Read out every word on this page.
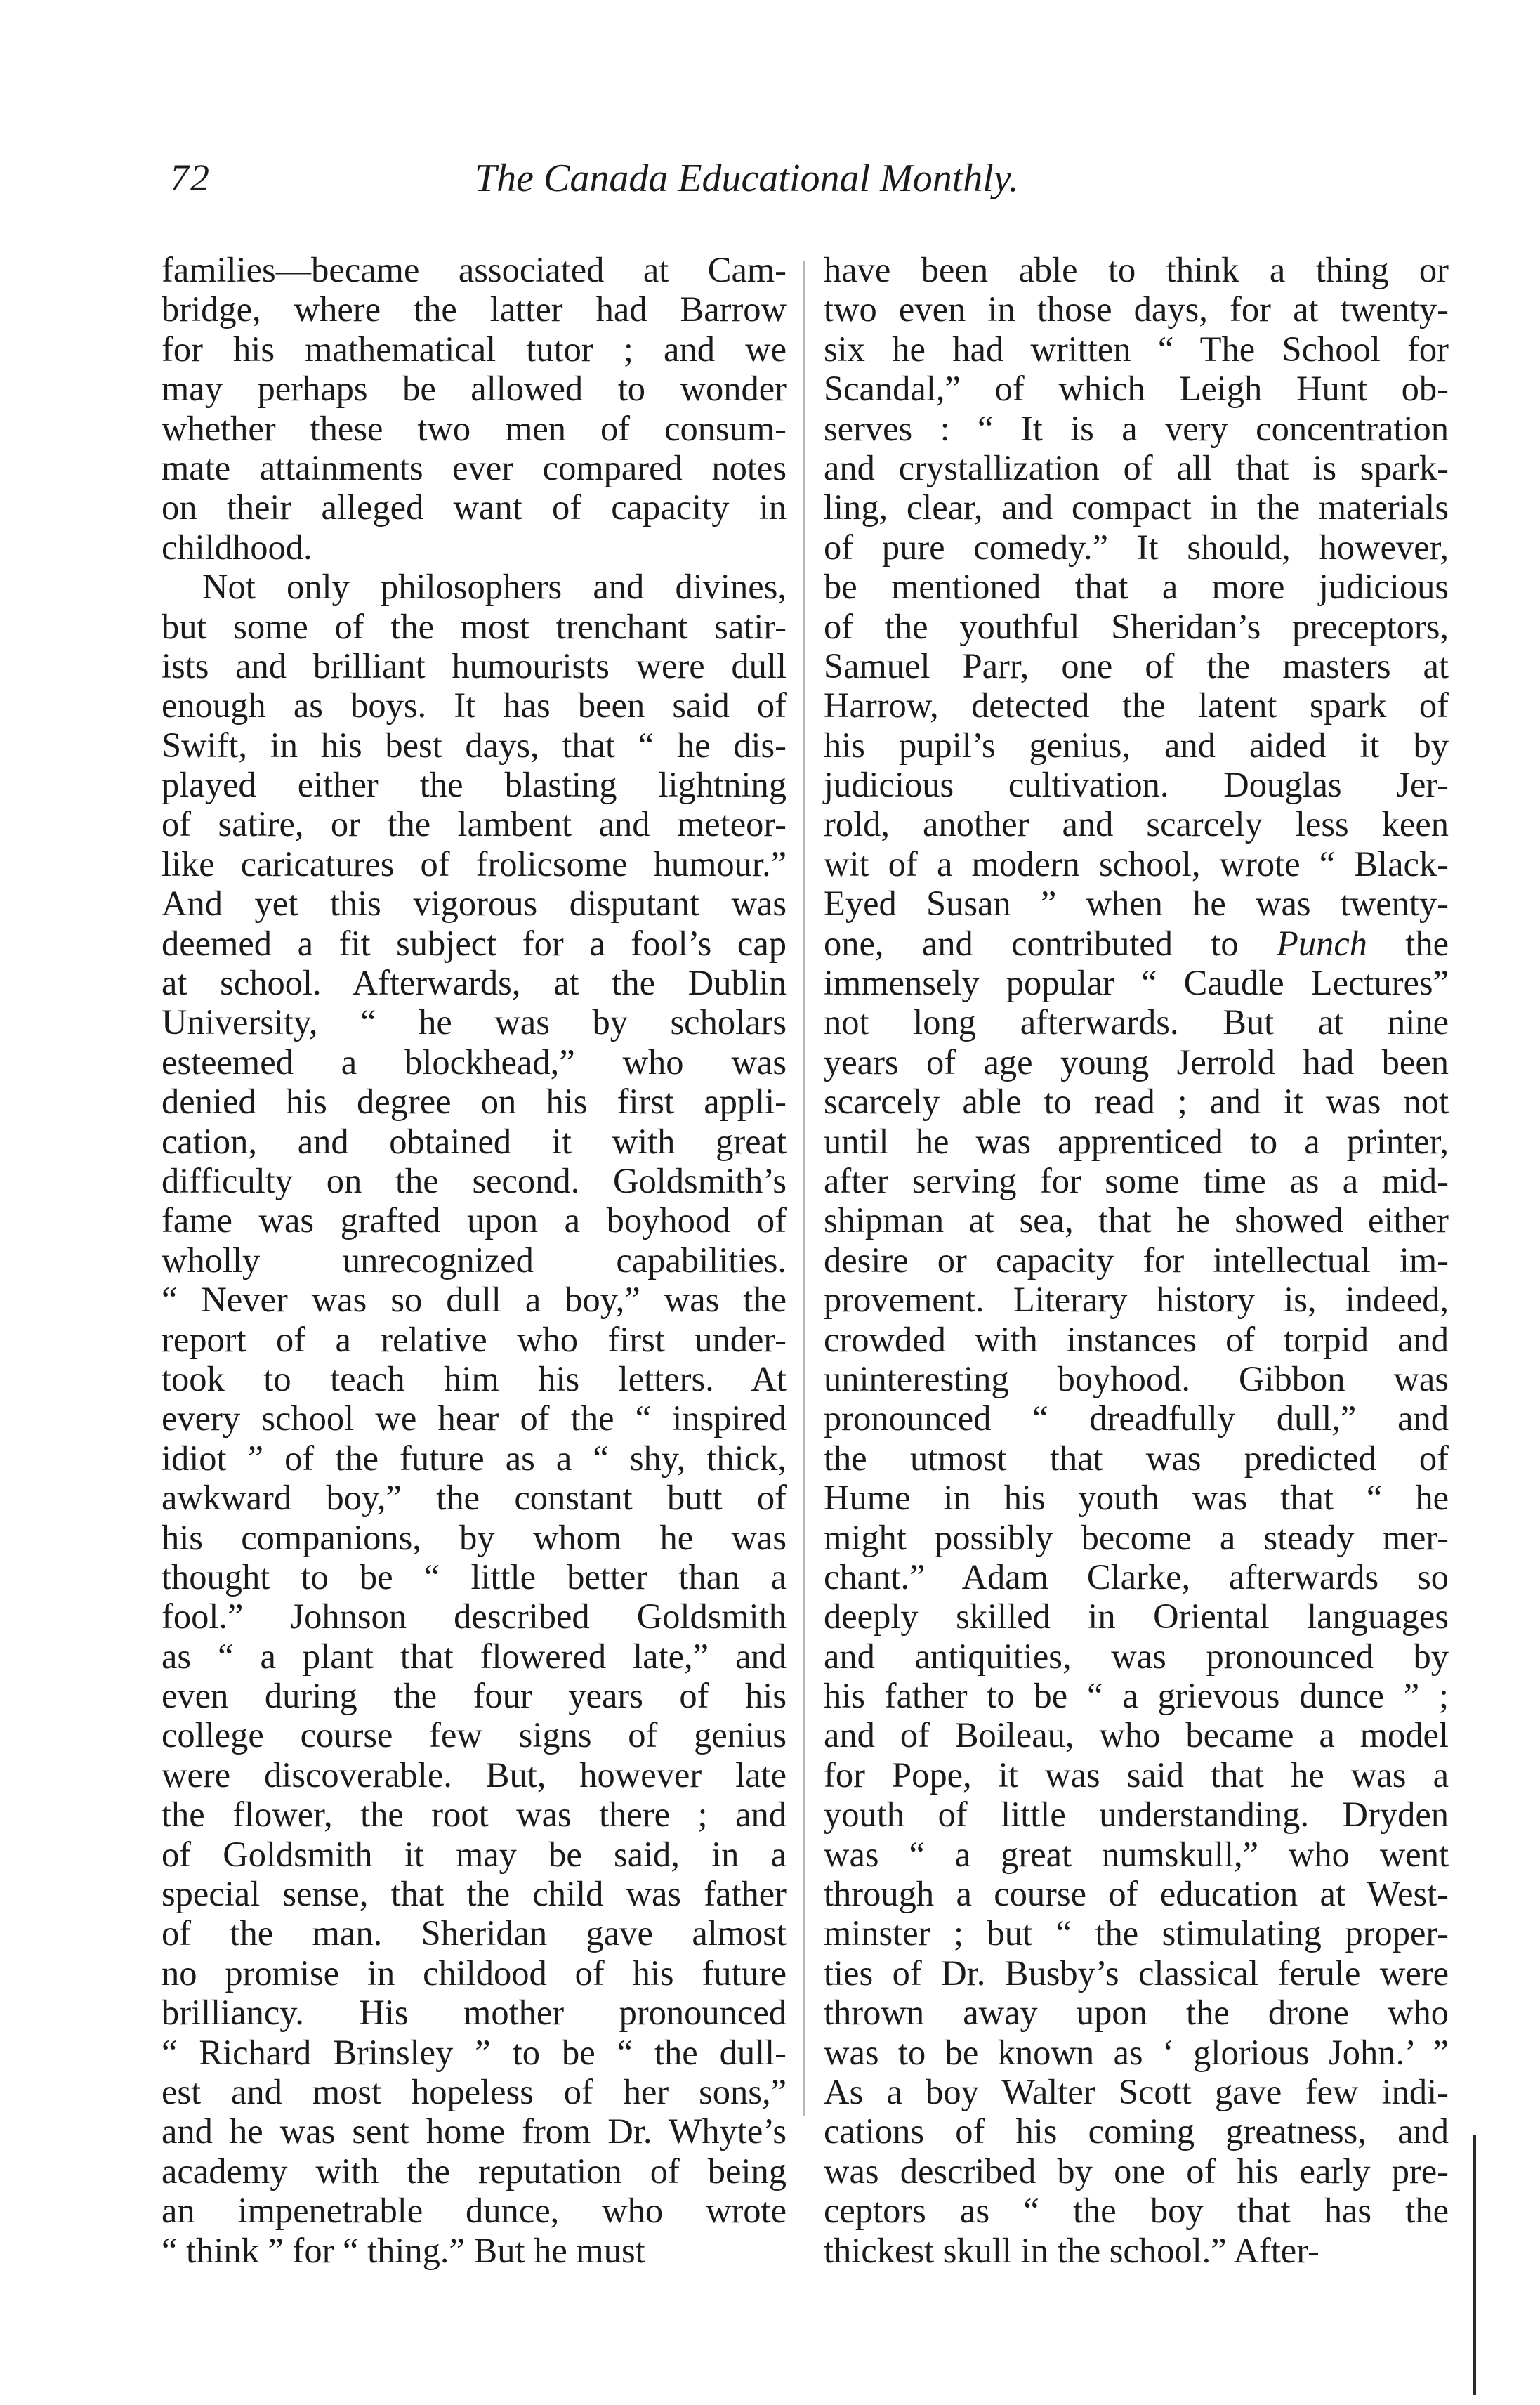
72	The Canada Educational Monthly.
families—became associated at Cam-
bridge, where the latter had Barrow
for his mathematical tutor ; and we
may perhaps be allowed to wonder
whether these two men of consum-
mate attainments ever compared notes
on their alleged want of capacity in
childhood.
Not only philosophers and divines,
but some of the most trenchant satir-
ists and brilliant humourists were dull
enough as boys. It has been said of
Swift, in his best days, that “ he dis-
played either the blasting lightning
of satire, or the lambent and meteor-
like caricatures of frolicsome humour.”
And yet this vigorous disputant was
deemed a fit subject for a fool’s cap
at school. Afterwards, at the Dublin
University, “ he was by scholars
esteemed a blockhead,” who was
denied his degree on his first appli-
cation, and obtained it with great
difficulty on the second. Goldsmith’s
fame was grafted upon a boyhood of
wholly unrecognized capabilities.
“ Never was so dull a boy,” was the
report of a relative who first under-
took to teach him his letters. At
every school we hear of the “ inspired
idiot ” of the future as a “ shy, thick,
awkward boy,” the constant butt of
his companions, by whom he was
thought to be “ little better than a
fool.” Johnson described Goldsmith
as “ a plant that flowered late,” and
even during the four years of his
college course few signs of genius
were discoverable. But, however late
the flower, the root was there ; and
of Goldsmith it may be said, in a
special sense, that the child was father
of the man. Sheridan gave almost
no promise in childood of his future
brilliancy. His mother pronounced
“ Richard Brinsley ” to be “ the dull-
est and most hopeless of her sons,”
and he was sent home from Dr. Whyte’s
academy with the reputation of being
an impenetrable dunce, who wrote
“ think ” for “ thing.” But he must
have been able to think a thing or
two even in those days, for at twenty-
six he had written “ The School for
Scandal,” of which Leigh Hunt ob-
serves : “ It is a very concentration
and crystallization of all that is spark-
ling, clear, and compact in the materials
of pure comedy.” It should, however,
be mentioned that a more judicious
of the youthful Sheridan’s preceptors,
Samuel Parr, one of the masters at
Harrow, detected the latent spark of
his pupil’s genius, and aided it by
judicious cultivation. Douglas Jer-
rold, another and scarcely less keen
wit of a modern school, wrote “ Black-
Eyed Susan ” when he was twenty-
one, and contributed to Punch the
immensely popular “ Caudle Lectures”
not long afterwards. But at nine
years of age young Jerrold had been
scarcely able to read ; and it was not
until he was apprenticed to a printer,
after serving for some time as a mid-
shipman at sea, that he showed either
desire or capacity for intellectual im-
provement. Literary history is, indeed,
crowded with instances of torpid and
uninteresting boyhood. Gibbon was
pronounced “ dreadfully dull,” and
the utmost that was predicted of
Hume in his youth was that “ he
might possibly become a steady mer-
chant.” Adam Clarke, afterwards so
deeply skilled in Oriental languages
and antiquities, was pronounced by
his father to be “ a grievous dunce ” ;
and of Boileau, who became a model
for Pope, it was said that he was a
youth of little understanding. Dryden
was “ a great numskull,” who went
through a course of education at West-
minster ; but “ the stimulating proper-
ties of Dr. Busby’s classical ferule were
thrown away upon the drone who
was to be known as ‘ glorious John.’ ”
As a boy Walter Scott gave few indi-
cations of his coming greatness, and
was described by one of his early pre-
ceptors as “ the boy that has the
thickest skull in the school.” After-
